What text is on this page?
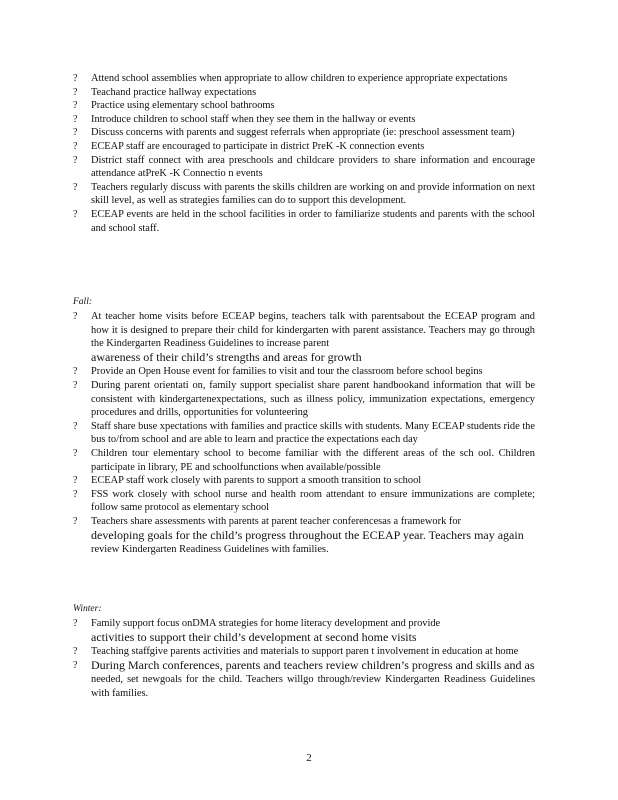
? Attend school assemblies when appropriate to allow children to experience appropriate expectations
? Teachand practice hallway expectations
? Practice using elementary school bathrooms
? Introduce children to school staff when they see them in the hallway or events
? Discuss concerns with parents and suggest referrals when appropriate (ie: preschool assessment team)
? ECEAP staff are encouraged to participate in district PreK -K connection events
? District staff connect with area preschools and childcare providers to share information and encourage attendance atPreK -K Connectio n events
? Teachers regularly discuss with parents the skills children are working on and provide information on next skill level, as well as strategies families can do to support this development.
? ECEAP events are held in the school facilities in order to familiarize students and parents with the school and school staff.
Fall:
? At teacher home visits before ECEAP begins, teachers talk with parentsabout the ECEAP program and how it is designed to prepare their child for kindergarten with parent assistance. Teachers may go through the Kindergarten Readiness Guidelines to increase parent
awareness of their child’s strengths and areas for growth
? Provide an Open House event for families to visit and tour the classroom before school begins
? During parent orientati on, family support specialist share parent handbookand information that will be consistent with kindergartenexpectations, such as illness policy, immunization expectations, emergency procedures and drills, opportunities for volunteering
? Staff share buse xpectations with families and practice skills with students. Many ECEAP students ride the bus to/from school and are able to learn and practice the expectations each day
? Children tour elementary school to become familiar with the different areas of the sch ool. Children participate in library, PE and schoolfunctions when available/possible
? ECEAP staff work closely with parents to support a smooth transition to school
? FSS work closely with school nurse and health room attendant to ensure immunizations are complete; follow same protocol as elementary school
? Teachers share assessments with parents at parent teacher conferencesas a framework for
developing goals for the child’s progress throughout the ECEAP year. Teachers may again
review Kindergarten Readiness Guidelines with families.
Winter:
? Family support focus onDMA strategies for home literacy development and provide
activities to support their child’s development at second home visits
? Teaching staffgive parents activities and materials to support paren t involvement in education at home
? During March conferences, parents and teachers review children’s progress and skills and as
needed, set newgoals for the child. Teachers willgo through/review Kindergarten Readiness Guidelines with families.
2
